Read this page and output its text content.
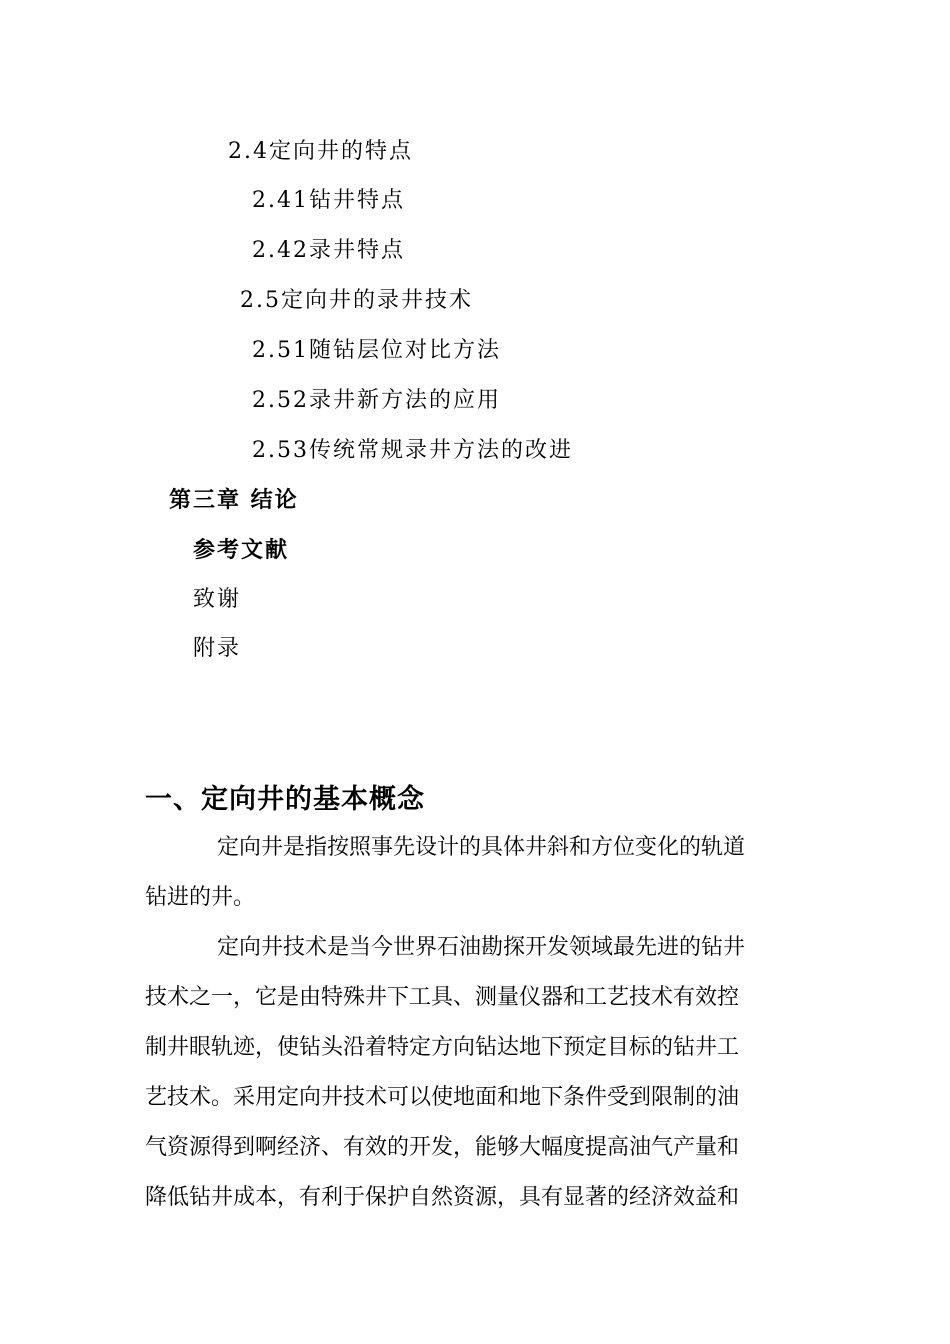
2.4定向井的特点
2.41钻井特点
2.42录井特点
2.5定向井的录井技术
2.51随钻层位对比方法
2.52录井新方法的应用
2.53传统常规录井方法的改进
第三章 结论
参考文献
致谢
附录
一、定向井的基本概念
定向井是指按照事先设计的具体井斜和方位变化的轨道
钻进的井。
定向井技术是当今世界石油勘探开发领域最先进的钻井
技术之一，它是由特殊井下工具、测量仪器和工艺技术有效控
制井眼轨迹，使钻头沿着特定方向钻达地下预定目标的钻井工
艺技术。采用定向井技术可以使地面和地下条件受到限制的油
气资源得到啊经济、有效的开发，能够大幅度提高油气产量和
降低钻井成本，有利于保护自然资源，具有显著的经济效益和
